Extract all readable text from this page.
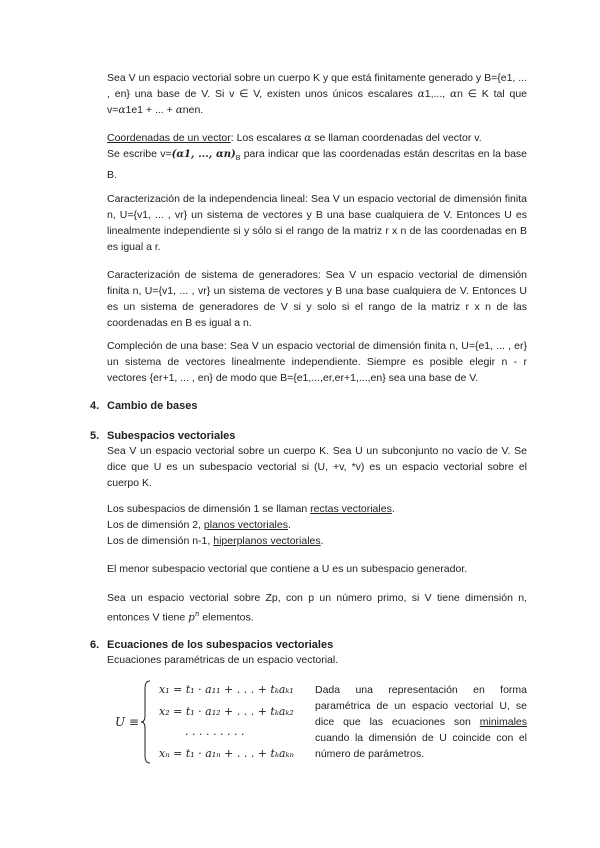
Sea V un espacio vectorial sobre un cuerpo K y que está finitamente generado y B={e1, ... , en} una base de V. Si v ∈ V, existen unos únicos escalares α1,..., αn ∈ K tal que v=α1e1 + ... + αnen.

Coordenadas de un vector: Los escalares α se llaman coordenadas del vector v.

Se escribe v=(α1, ..., $\alpha n)_B$ para indicar que las coordenadas están descritas en la base B.

Caracterización de la independencia lineal: Sea V un espacio vectorial de dimensión finita n, U={v1, ... , vr} un sistema de vectores y B una base cualquiera de V. Entonces U es linealmente independiente si y sólo si el rango de la matriz r x n de las coordenadas en B es igual a r.

Caracterización de sistema de generadores: Sea V un espacio vectorial de dimensión finita n, U={v1, ... , vr} un sistema de vectores y B una base cualquiera de V. Entonces U es un sistema de generadores de V si y solo si el rango de la matriz r x n de las coordenadas en B es igual a n.

Compleción de una base: Sea V un espacio vectorial de dimensión finita n, U={e1, ... , er} un sistema de vectores linealmente independiente. Siempre es posible elegir n - r vectores {er+1, ... , en} de modo que B={e1,...,er,er+1,...,en} sea una base de V.

4. Cambio de bases
5. Subespacios vectoriales

Sea V un espacio vectorial sobre un cuerpo K. Sea U un subconjunto no vacío de V. Se dice que U es un subespacio vectorial si (U, +v, *v) es un espacio vectorial sobre el cuerpo K.

Los subespacios de dimensión 1 se llaman rectas vectoriales.

Los de dimensión 2, planos vectoriales.

Los de dimensión n-1, hiperplanos vectoriales.

El menor subespacio vectorial que contiene a U es un subespacio generador.

Sea un espacio vectorial sobre Zp, con p un número primo, si V tiene dimensión n, entonces V tiene $p^n$ elementos.

6. Ecuaciones de los subespacios vectoriales

Ecuaciones paramétricas de un espacio vectorial.

U ≡
x₁ = t₁ · a₁₁ + . . . + tₖaₖ₁
x₂ = t₁ · a₁₂ + . . . + tₖaₖ₂
. . . . . . . . .
xₙ = t₁ · a₁ₙ + . . . + tₖaₖₙ

Dada una representación en forma paramétrica de un espacio vectorial U, se dice que las ecuaciones son minimales cuando la dimensión de U coincide con el número de parámetros.
